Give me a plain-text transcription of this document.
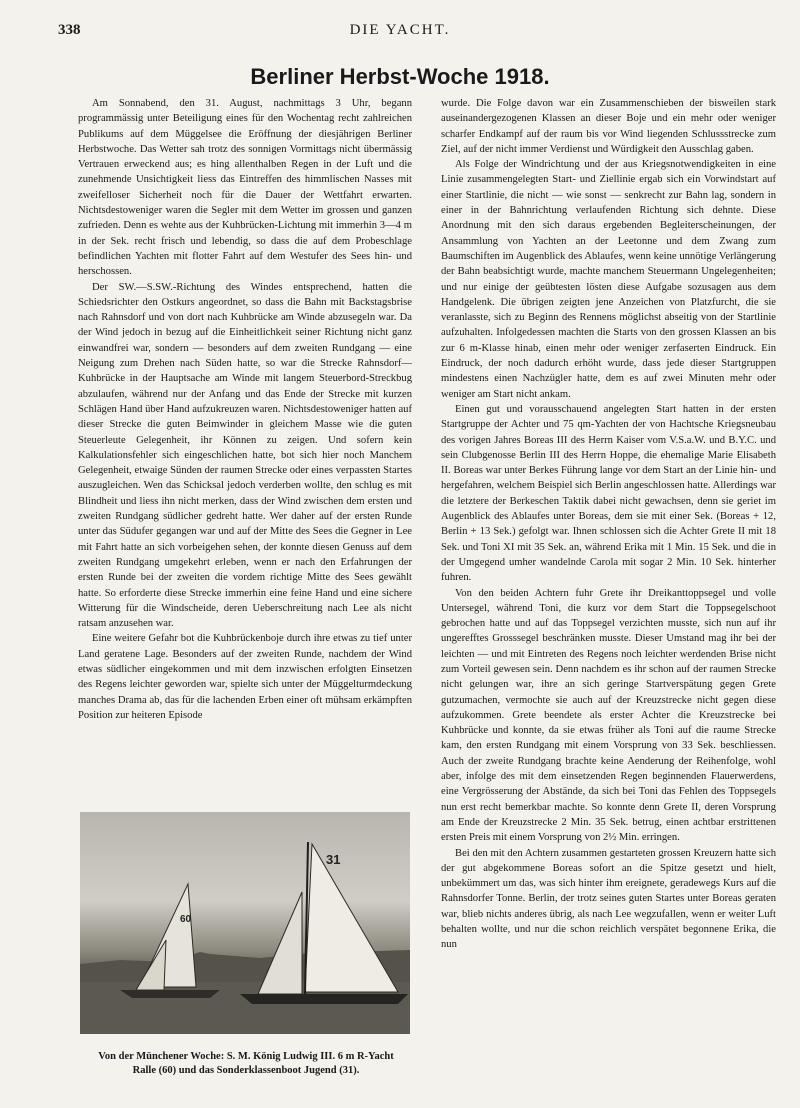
338	DIE YACHT.
Berliner Herbst-Woche 1918.

Am Sonnabend, den 31. August, nachmittags 3 Uhr, begann programmässig unter Beteiligung eines für den Wochentag recht zahlreichen Publikums auf dem Müggelsee die Eröffnung der diesjährigen Berliner Herbstwoche. Das Wetter sah trotz des sonnigen Vormittags nicht übermässig Vertrauen erweckend aus; es hing allenthalben Regen in der Luft und die zunehmende Unsichtigkeit liess das Eintreffen des himmlischen Nasses mit zweifelloser Sicherheit noch für die Dauer der Wettfahrt erwarten. Nichtsdestoweniger waren die Segler mit dem Wetter im grossen und ganzen zufrieden. Denn es wehte aus der Kuhbrücken-Lichtung mit immerhin 3—4 m in der Sek. recht frisch und lebendig, so dass die auf dem Probeschlage befindlichen Yachten mit flotter Fahrt auf dem Westufer des Sees hin- und herschossen.

Der SW.—S.SW.-Richtung des Windes entsprechend, hatten die Schiedsrichter den Ostkurs angeordnet, so dass die Bahn mit Backstagsbrise nach Rahnsdorf und von dort nach Kuhbrücke am Winde abzusegeln war. Da der Wind jedoch in bezug auf die Einheitlichkeit seiner Richtung nicht ganz einwandfrei war, sondern — besonders auf dem zweiten Rundgang — eine Neigung zum Drehen nach Süden hatte, so war die Strecke Rahnsdorf—Kuhbrücke in der Hauptsache am Winde mit langem Steuerbord-Streckbug abzulaufen, während nur der Anfang und das Ende der Strecke mit kurzen Schlägen Hand über Hand aufzukreuzen waren. Nichtsdestoweniger hatten auf dieser Strecke die guten Beimwinder in gleichem Masse wie die guten Steuerleute Gelegenheit, ihr Können zu zeigen. Und sofern kein Kalkulationsfehler sich eingeschlichen hatte, bot sich hier noch Manchem Gelegenheit, etwaige Sünden der raumen Strecke oder eines verpassten Startes auszugleichen. Wen das Schicksal jedoch verderben wollte, den schlug es mit Blindheit und liess ihn nicht merken, dass der Wind zwischen dem ersten und zweiten Rundgang südlicher gedreht hatte. Wer daher auf der ersten Runde unter das Südufer gegangen war und auf der Mitte des Sees die Gegner in Lee mit Fahrt hatte an sich vorbeigehen sehen, der konnte diesen Genuss auf dem zweiten Rundgang umgekehrt erleben, wenn er nach den Erfahrungen der ersten Runde bei der zweiten die vordem richtige Mitte des Sees gewählt hatte. So erforderte diese Strecke immerhin eine feine Hand und eine sichere Witterung für die Windscheide, deren Ueberschreitung nach Lee als nicht ratsam anzusehen war.

Eine weitere Gefahr bot die Kuhbrückenboje durch ihre etwas zu tief unter Land geratene Lage. Besonders auf der zweiten Runde, nachdem der Wind etwas südlicher eingekommen und mit dem inzwischen erfolgten Einsetzen des Regens leichter geworden war, spielte sich unter der Müggelturmdeckung manches Drama ab, das für die lachenden Erben einer oft mühsam erkämpften Position zur heiteren Episode

wurde. Die Folge davon war ein Zusammenschieben der bisweilen stark auseinandergezogenen Klassen an dieser Boje und ein mehr oder weniger scharfer Endkampf auf der raum bis vor Wind liegenden Schlussstrecke zum Ziel, auf der nicht immer Verdienst und Würdigkeit den Ausschlag gaben.

Als Folge der Windrichtung und der aus Kriegsnotwendigkeiten in eine Linie zusammengelegten Start- und Ziellinie ergab sich ein Vorwindstart auf einer Startlinie, die nicht — wie sonst — senkrecht zur Bahn lag, sondern in einer in der Bahnrichtung verlaufenden Richtung sich dehnte. Diese Anordnung mit den sich daraus ergebenden Begleiterscheinungen, der Ansammlung von Yachten an der Leetonne und dem Zwang zum Baumschiften im Augenblick des Ablaufes, wenn keine unnötige Verlängerung der Bahn beabsichtigt wurde, machte manchem Steuermann Ungelegenheiten; und nur einige der geübtesten lösten diese Aufgabe sozusagen aus dem Handgelenk. Die übrigen zeigten jene Anzeichen von Platzfurcht, die sie veranlasste, sich zu Beginn des Rennens möglichst abseitig von der Startlinie aufzuhalten. Infolgedessen machten die Starts von den grossen Klassen an bis zur 6 m-Klasse hinab, einen mehr oder weniger zerfaserten Eindruck. Ein Eindruck, der noch dadurch erhöht wurde, dass jede dieser Startgruppen mindestens einen Nachzügler hatte, dem es auf zwei Minuten mehr oder weniger am Start nicht ankam.

Einen gut und vorausschauend angelegten Start hatten in der ersten Startgruppe der Achter und 75 qm-Yachten der von Hachtsche Kriegsneubau des vorigen Jahres Boreas III des Herrn Kaiser vom V.S.a.W. und B.Y.C. und sein Clubgenosse Berlin III des Herrn Hoppe, die ehemalige Marie Elisabeth II. Boreas war unter Berkes Führung lange vor dem Start an der Linie hin- und hergefahren, welchem Beispiel sich Berlin angeschlossen hatte. Allerdings war die letztere der Berkeschen Taktik dabei nicht gewachsen, denn sie geriet im Augenblick des Ablaufes unter Boreas, dem sie mit einer Sek. (Boreas + 12, Berlin + 13 Sek.) gefolgt war. Ihnen schlossen sich die Achter Grete II mit 18 Sek. und Toni XI mit 35 Sek. an, während Erika mit 1 Min. 15 Sek. und die in der Umgegend umher wandelnde Carola mit sogar 2 Min. 10 Sek. hinterher fuhren.

Von den beiden Achtern fuhr Grete ihr Dreikanttoppsegel und volle Untersegel, während Toni, die kurz vor dem Start die Toppsegelschoot gebrochen hatte und auf das Toppsegel verzichten musste, sich nun auf ihr ungerefftes Grosssegel beschränken musste. Dieser Umstand mag ihr bei der leichten — und mit Eintreten des Regens noch leichter werdenden Brise nicht zum Vorteil gewesen sein. Denn nachdem es ihr schon auf der raumen Strecke nicht gelungen war, ihre an sich geringe Startverspätung gegen Grete gutzumachen, vermochte sie auch auf der Kreuzstrecke nicht gegen diese aufzukommen. Grete beendete als erster Achter die Kreuzstrecke bei Kuhbrücke und konnte, da sie etwas früher als Toni auf die raume Strecke kam, den ersten Rundgang mit einem Vorsprung von 33 Sek. beschliessen. Auch der zweite Rundgang brachte keine Aenderung der Reihenfolge, wohl aber, infolge des mit dem einsetzenden Regen beginnenden Flauerwerdens, eine Vergrösserung der Abstände, da sich bei Toni das Fehlen des Toppsegels nun erst recht bemerkbar machte. So konnte denn Grete II, deren Vorsprung am Ende der Kreuzstrecke 2 Min. 35 Sek. betrug, einen achtbar erstrittenen ersten Preis mit einem Vorsprung von 2½ Min. erringen.

Bei den mit den Achtern zusammen gestarteten grossen Kreuzern hatte sich der gut abgekommene Boreas sofort an die Spitze gesetzt und hielt, unbekümmert um das, was sich hinter ihm ereignete, geradewegs Kurs auf die Rahnsdorfer Tonne. Berlin, der trotz seines guten Startes unter Boreas geraten war, blieb nichts anderes übrig, als nach Lee wegzufallen, wenn er weiter Luft behalten wollte, und nur die schon reichlich verspätet begonnene Erika, die nun

60
31
Von der Münchener Woche: S. M. König Ludwig III. 6 m R-Yacht
Ralle (60) und das Sonderklassenboot Jugend (31).
